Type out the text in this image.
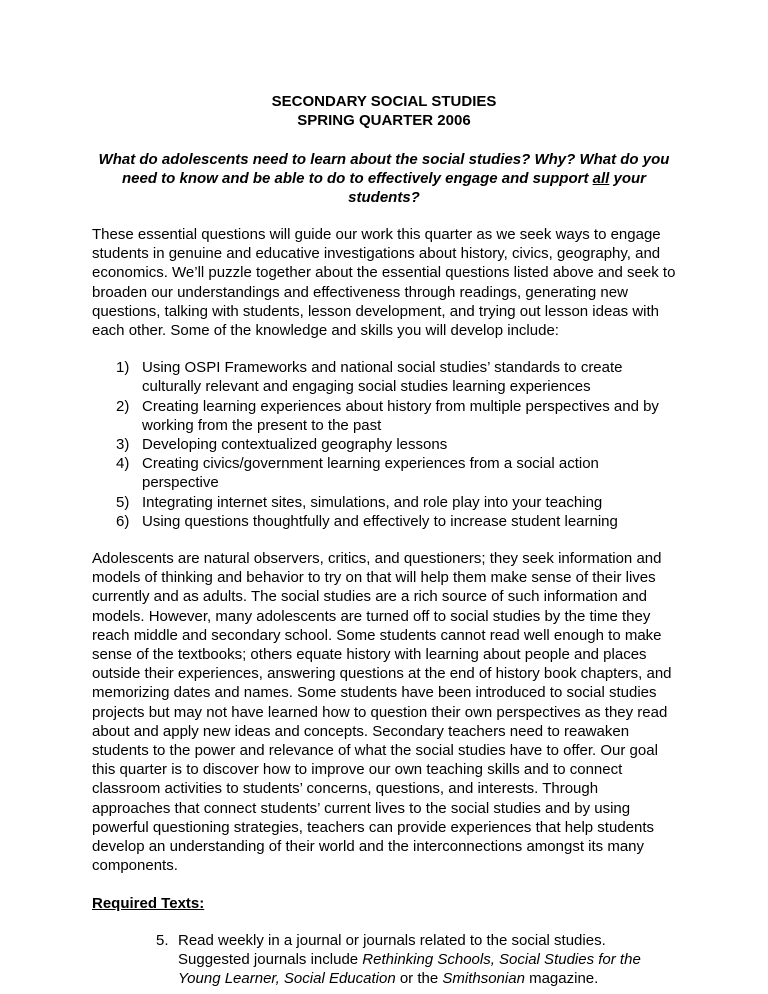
SECONDARY SOCIAL STUDIES
SPRING QUARTER 2006

What do adolescents need to learn about the social studies? Why? What do you need to know and be able to do to effectively engage and support all your students?

These essential questions will guide our work this quarter as we seek ways to engage students in genuine and educative investigations about history, civics, geography, and economics. We’ll puzzle together about the essential questions listed above and seek to broaden our understandings and effectiveness through readings, generating new questions, talking with students, lesson development, and trying out lesson ideas with each other. Some of the knowledge and skills you will develop include:

1) Using OSPI Frameworks and national social studies’ standards to create culturally relevant and engaging social studies learning experiences
2) Creating learning experiences about history from multiple perspectives and by working from the present to the past
3) Developing contextualized geography lessons
4) Creating civics/government learning experiences from a social action perspective
5) Integrating internet sites, simulations, and role play into your teaching
6) Using questions thoughtfully and effectively to increase student learning

Adolescents are natural observers, critics, and questioners; they seek information and models of thinking and behavior to try on that will help them make sense of their lives currently and as adults. The social studies are a rich source of such information and models. However, many adolescents are turned off to social studies by the time they reach middle and secondary school. Some students cannot read well enough to make sense of the textbooks; others equate history with learning about people and places outside their experiences, answering questions at the end of history book chapters, and memorizing dates and names. Some students have been introduced to social studies projects but may not have learned how to question their own perspectives as they read about and apply new ideas and concepts. Secondary teachers need to reawaken students to the power and relevance of what the social studies have to offer. Our goal this quarter is to discover how to improve our own teaching skills and to connect classroom activities to students’ concerns, questions, and interests. Through approaches that connect students’ current lives to the social studies and by using powerful questioning strategies, teachers can provide experiences that help students develop an understanding of their world and the interconnections amongst its many components.

Required Texts:

5. Read weekly in a journal or journals related to the social studies. Suggested journals include Rethinking Schools, Social Studies for the Young Learner, Social Education or the Smithsonian magazine.
